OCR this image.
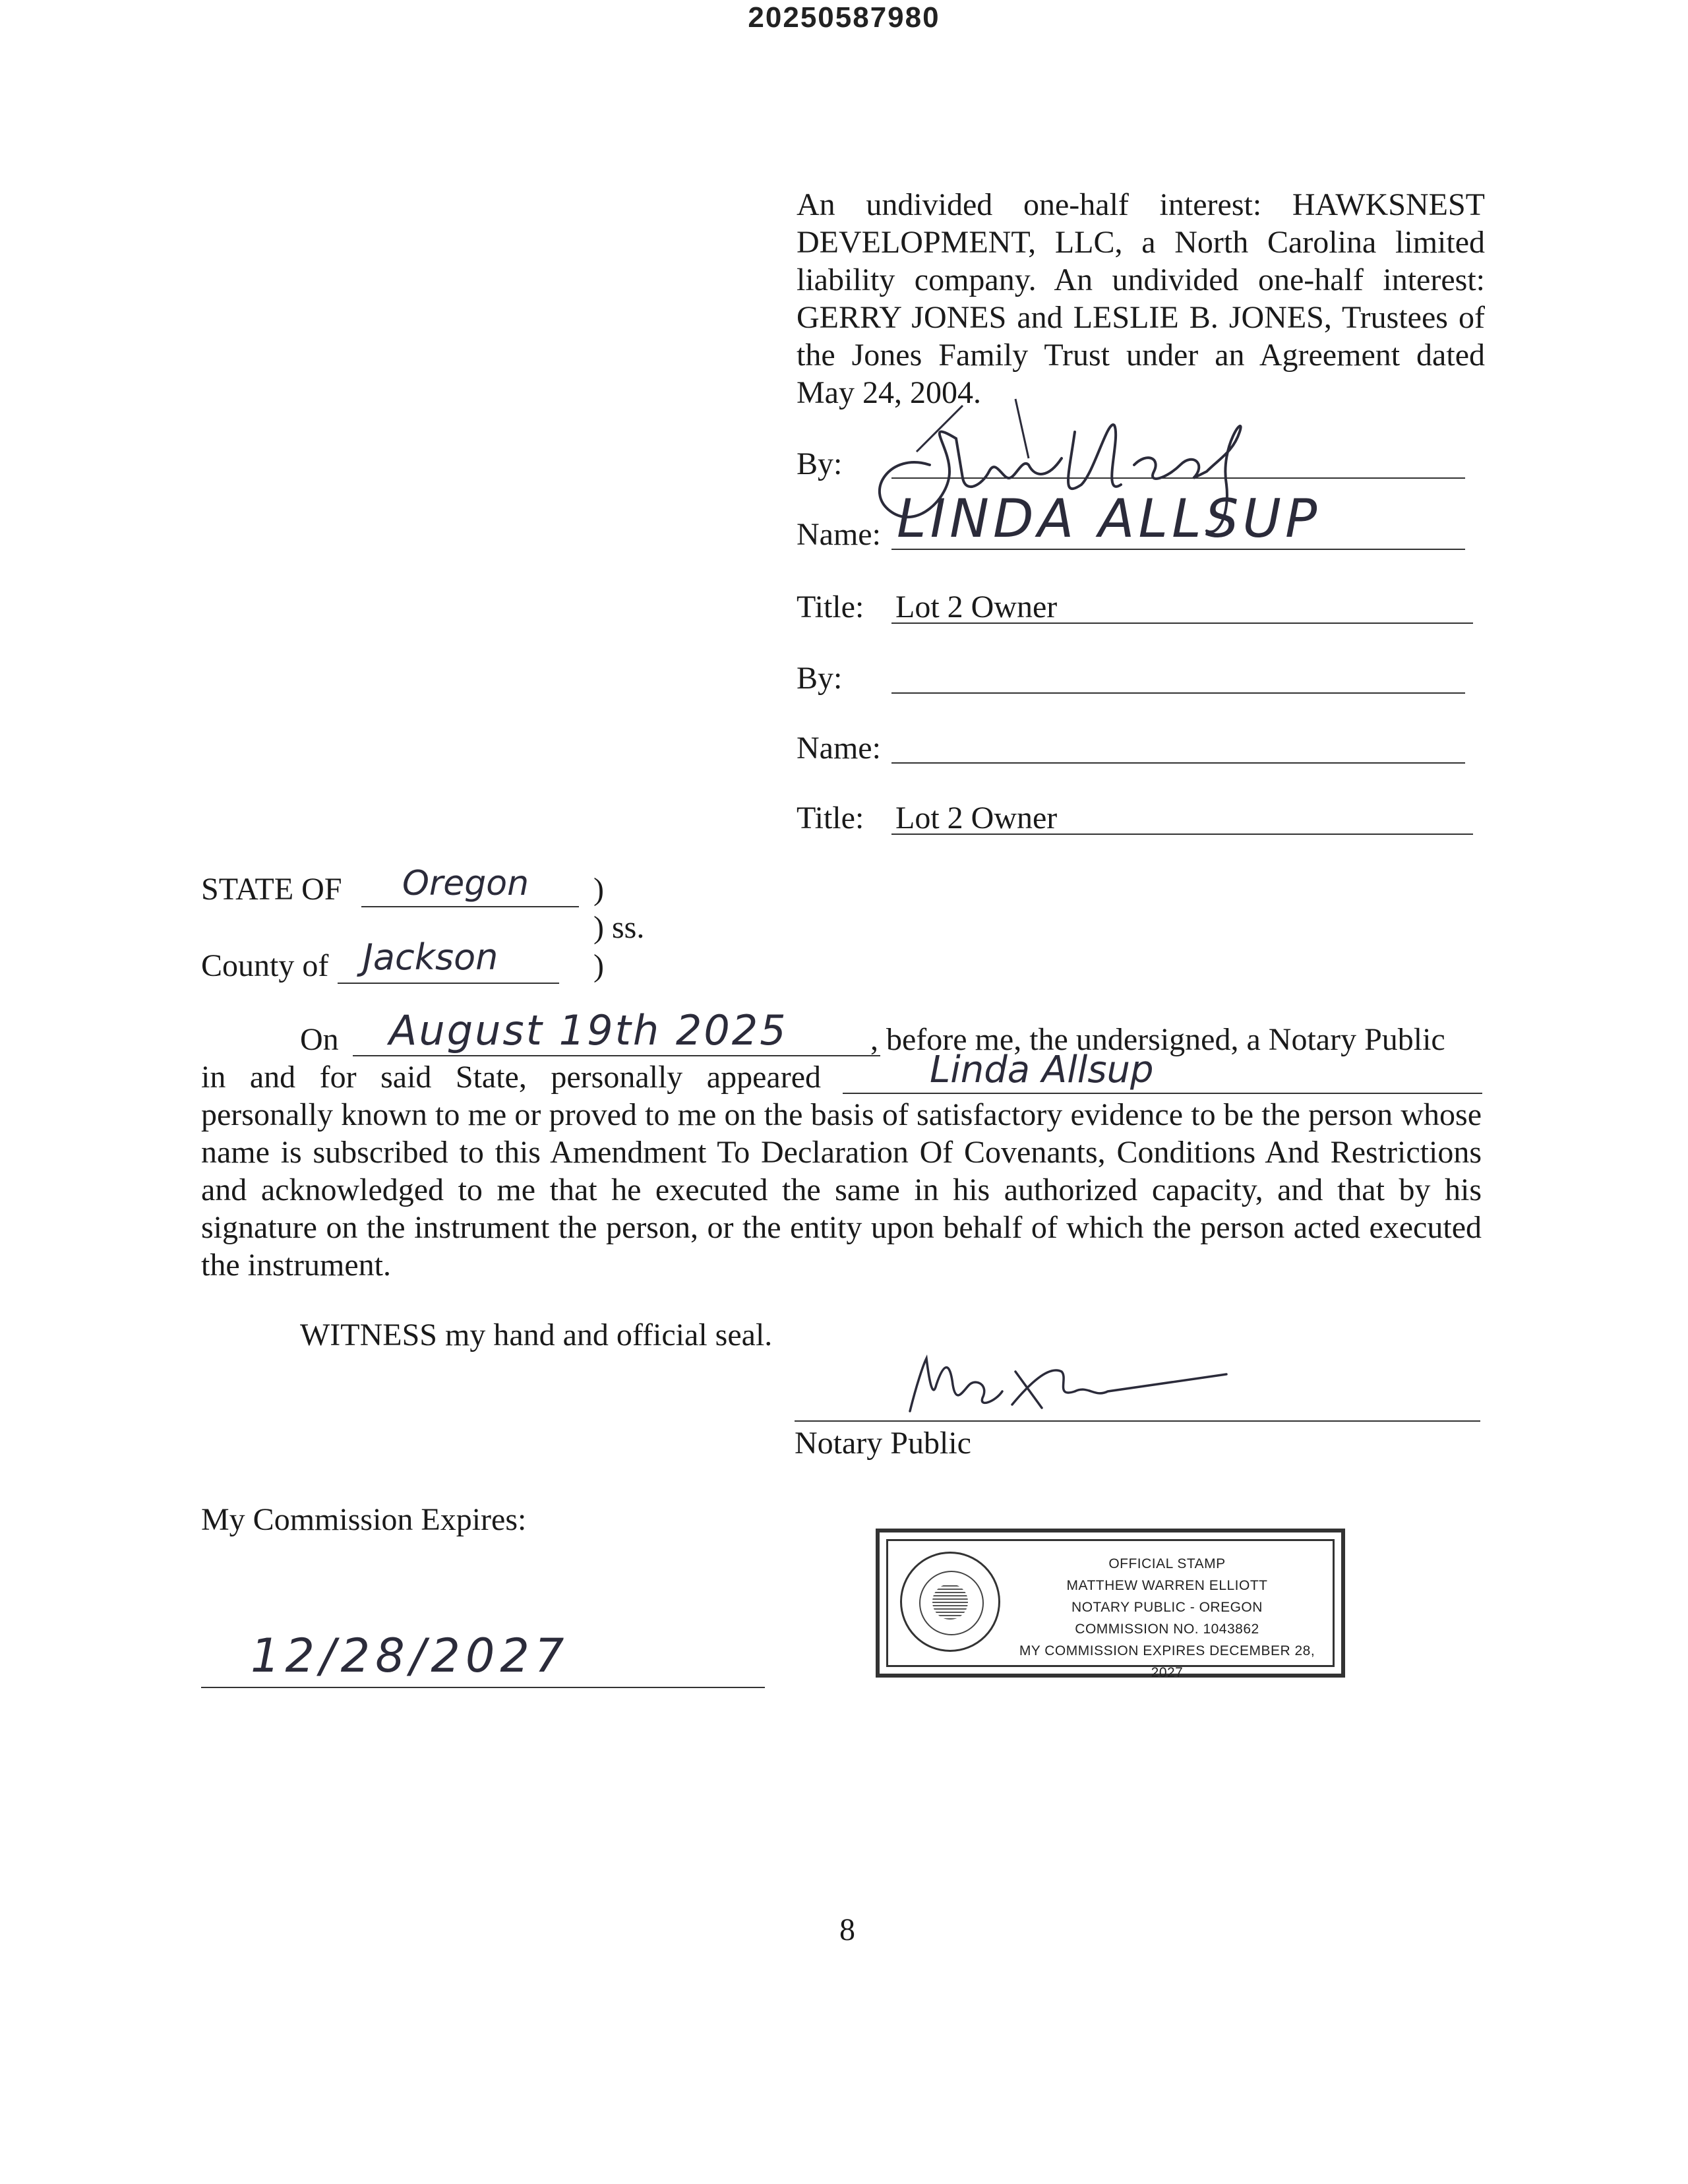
20250587980
An undivided one-half interest: HAWKSNEST DEVELOPMENT, LLC, a North Carolina limited liability company. An undivided one-half interest: GERRY JONES and LESLIE B. JONES, Trustees of the Jones Family Trust under an Agreement dated May 24, 2004.
By:
Name: LINDA ALLSUP
Title: Lot 2 Owner
By:
Name:
Title: Lot 2 Owner
STATE OF Oregon )
) ss.
County of Jackson	)
On August 19th 2025	, before me, the undersigned, a Notary Public
in and for said State, personally appeared	Linda Allsup
personally known to me or proved to me on the basis of satisfactory evidence to be the person whose name is subscribed to this Amendment To Declaration Of Covenants, Conditions And Restrictions and acknowledged to me that he executed the same in his authorized capacity, and that by his signature on the instrument the person, or the entity upon behalf of which the person acted executed the instrument.
WITNESS my hand and official seal.
Notary Public
My Commission Expires:
12/28/2027
OFFICIAL STAMP
MATTHEW WARREN ELLIOTT
NOTARY PUBLIC - OREGON
COMMISSION NO. 1043862
MY COMMISSION EXPIRES DECEMBER 28, 2027
8
